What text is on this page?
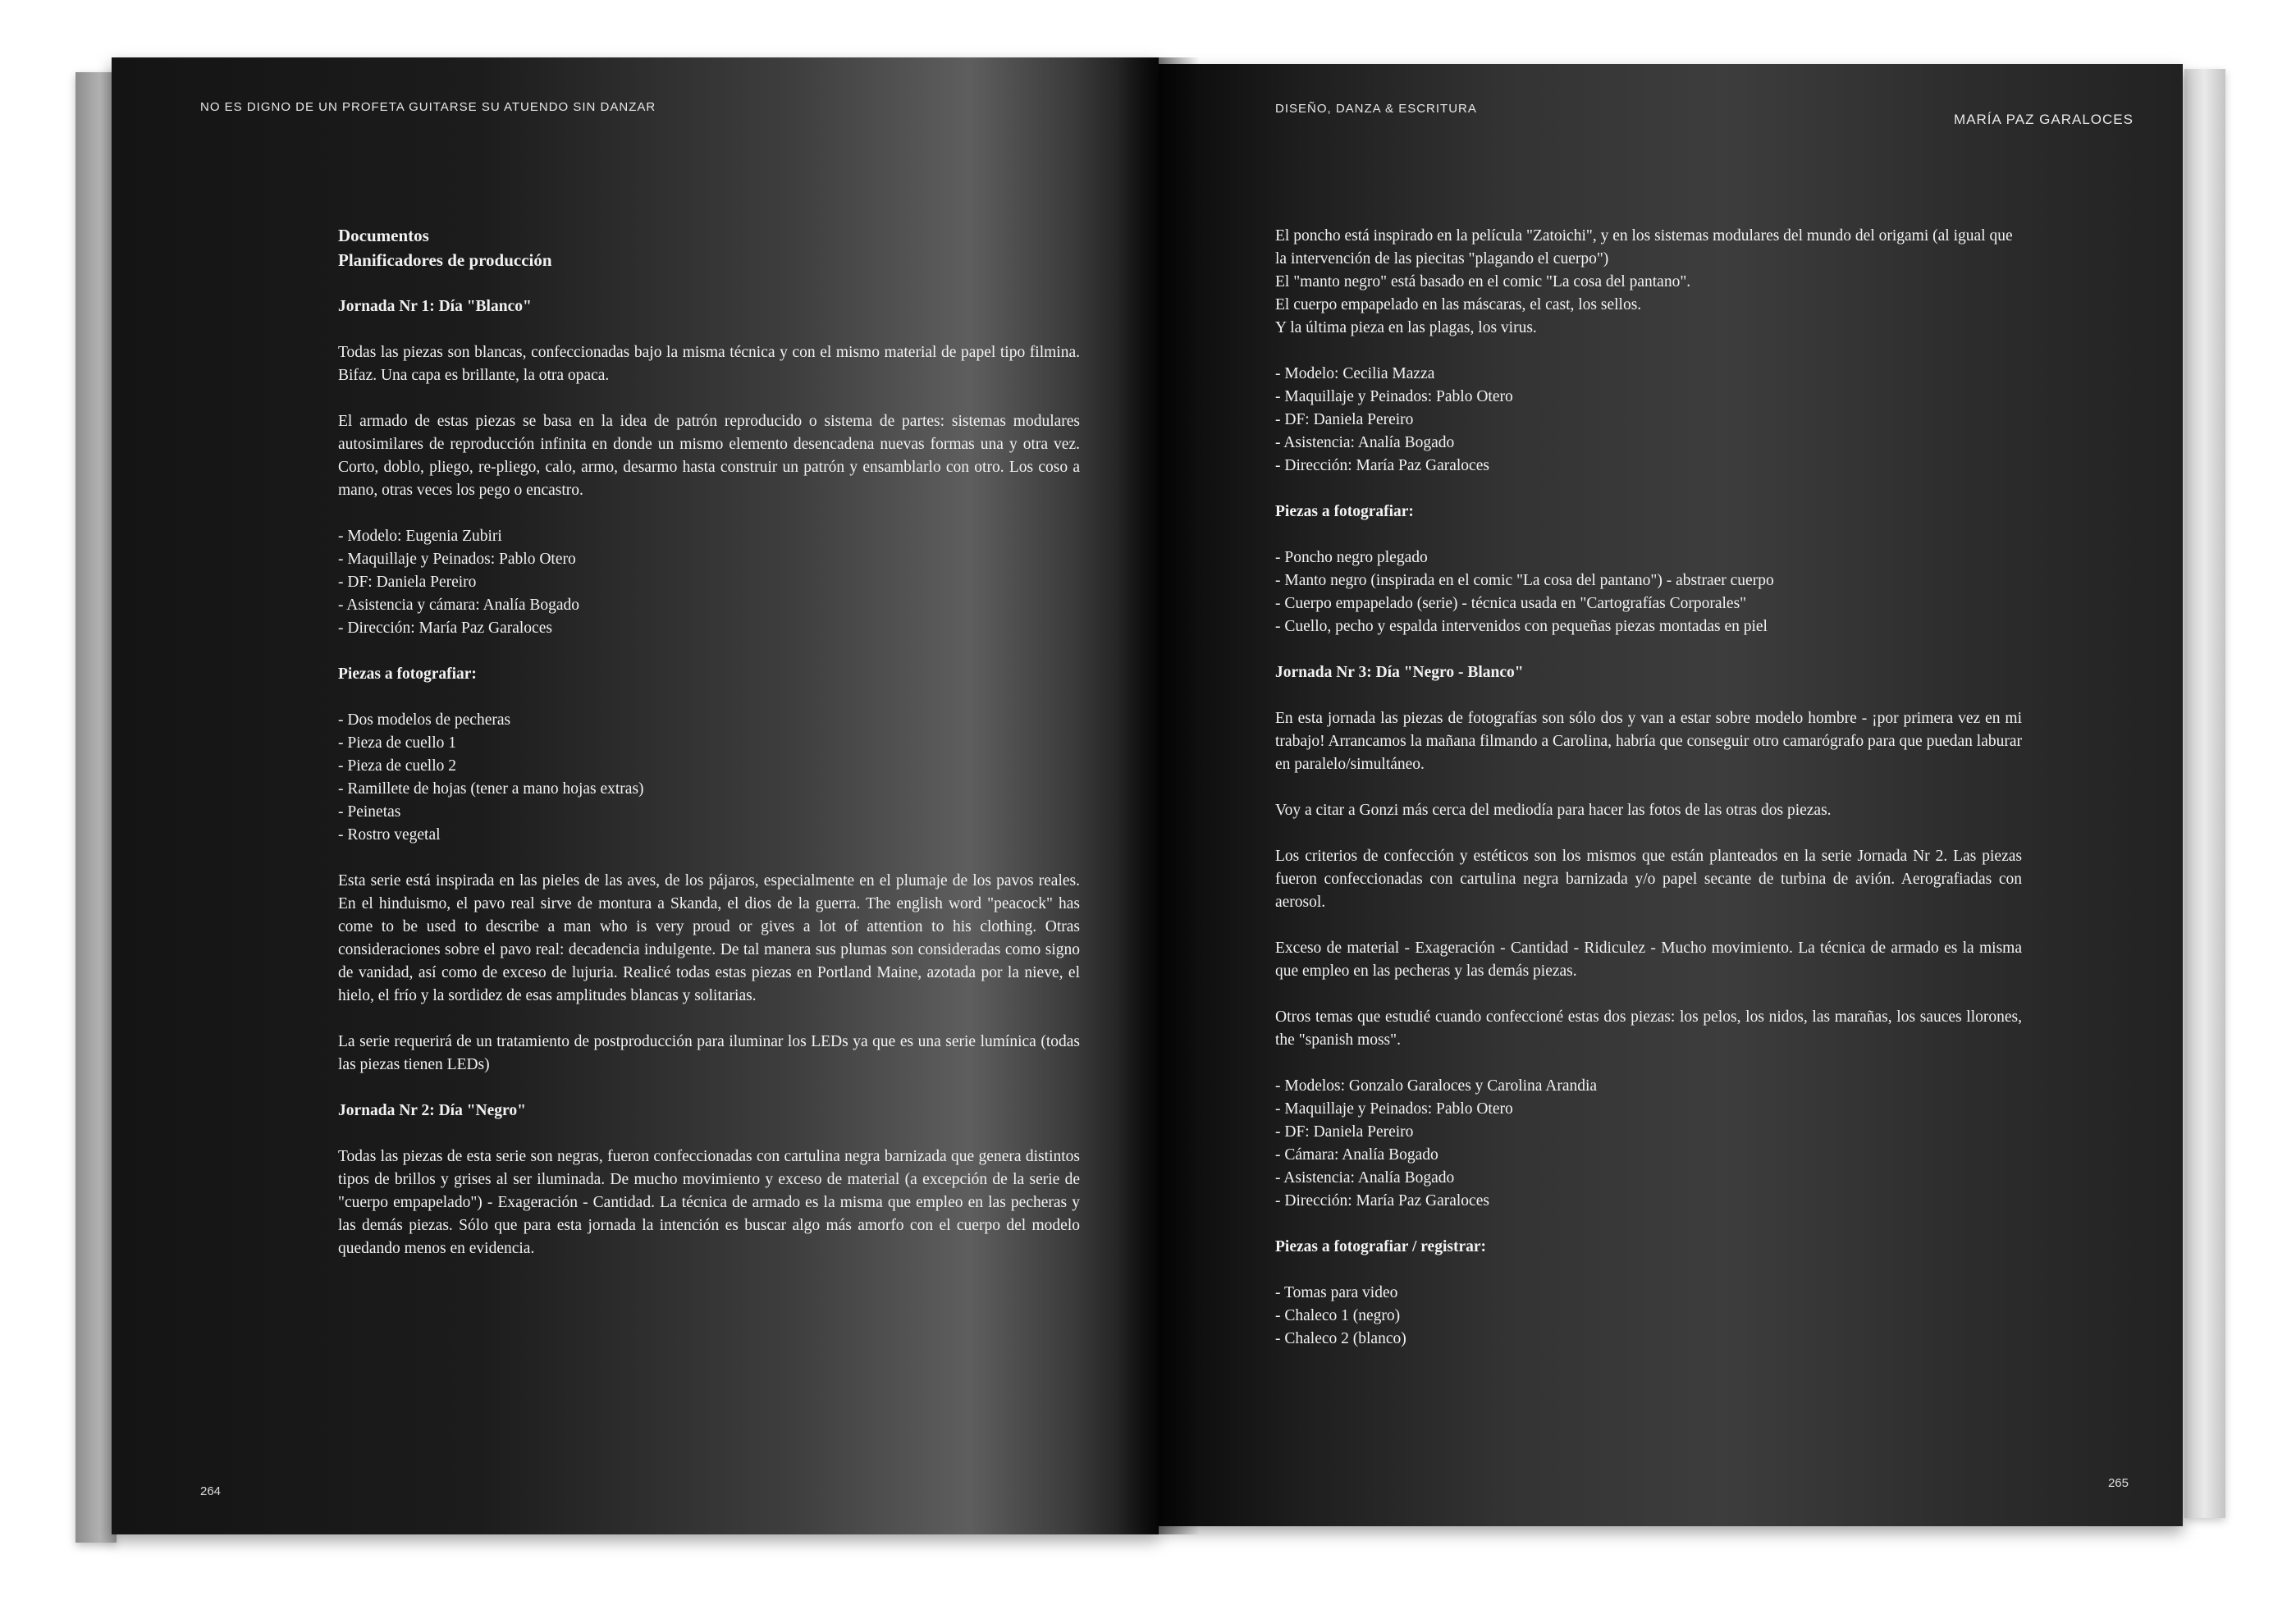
NO ES DIGNO DE UN PROFETA GUITARSE SU ATUENDO SIN DANZAR
Documentos
Planificadores de producción
Jornada Nr 1: Día "Blanco"

Todas las piezas son blancas, confeccionadas bajo la misma técnica y con el mismo material de papel tipo filmina. Bifaz. Una capa es brillante, la otra opaca.

El armado de estas piezas se basa en la idea de patrón reproducido o sistema de partes: sistemas modulares autosimilares de reproducción infinita en donde un mismo elemento desencadena nuevas formas una y otra vez. Corto, doblo, pliego, re-pliego, calo, armo, desarmo hasta construir un patrón y ensamblarlo con otro. Los coso a mano, otras veces los pego o encastro.

- Modelo: Eugenia Zubiri
- Maquillaje y Peinados: Pablo Otero
- DF: Daniela Pereiro
- Asistencia y cámara: Analía Bogado
- Dirección: María Paz Garaloces
Piezas a fotografiar:
- Dos modelos de pecheras
- Pieza de cuello 1
- Pieza de cuello 2
- Ramillete de hojas (tener a mano hojas extras)
- Peinetas
- Rostro vegetal

Esta serie está inspirada en las pieles de las aves, de los pájaros, especialmente en el plumaje de los pavos reales. En el hinduismo, el pavo real sirve de montura a Skanda, el dios de la guerra. The english word "peacock" has come to be used to describe a man who is very proud or gives a lot of attention to his clothing. Otras consideraciones sobre el pavo real: decadencia indulgente. De tal manera sus plumas son consideradas como signo de vanidad, así como de exceso de lujuria. Realicé todas estas piezas en Portland Maine, azotada por la nieve, el hielo, el frío y la sordidez de esas amplitudes blancas y solitarias.

La serie requerirá de un tratamiento de postproducción para iluminar los LEDs ya que es una serie lumínica (todas las piezas tienen LEDs)

Jornada Nr 2: Día "Negro"

Todas las piezas de esta serie son negras, fueron confeccionadas con cartulina negra barnizada que genera distintos tipos de brillos y grises al ser iluminada. De mucho movimiento y exceso de material (a excepción de la serie de "cuerpo empapelado") - Exageración - Cantidad. La técnica de armado es la misma que empleo en las pecheras y las demás piezas. Sólo que para esta jornada la intención es buscar algo más amorfo con el cuerpo del modelo quedando menos en evidencia.

264
DISEÑO, DANZA & ESCRITURA
MARÍA PAZ GARALOCES
El poncho está inspirado en la película "Zatoichi", y en los sistemas modulares del mundo del origami (al igual que la intervención de las piecitas "plagando el cuerpo")
El "manto negro" está basado en el comic "La cosa del pantano".
El cuerpo empapelado en las máscaras, el cast, los sellos.
Y la última pieza en las plagas, los virus.
- Modelo: Cecilia Mazza
- Maquillaje y Peinados: Pablo Otero
- DF: Daniela Pereiro
- Asistencia: Analía Bogado
- Dirección: María Paz Garaloces
Piezas a fotografiar:
- Poncho negro plegado
- Manto negro (inspirada en el comic "La cosa del pantano") - abstraer cuerpo
- Cuerpo empapelado (serie) - técnica usada en "Cartografías Corporales"
- Cuello, pecho y espalda intervenidos con pequeñas piezas montadas en piel
Jornada Nr 3: Día "Negro - Blanco"

En esta jornada las piezas de fotografías son sólo dos y van a estar sobre modelo hombre - ¡por primera vez en mi trabajo! Arrancamos la mañana filmando a Carolina, habría que conseguir otro camarógrafo para que puedan laburar en paralelo/simultáneo.

Voy a citar a Gonzi más cerca del mediodía para hacer las fotos de las otras dos piezas.

Los criterios de confección y estéticos son los mismos que están planteados en la serie Jornada Nr 2. Las piezas fueron confeccionadas con cartulina negra barnizada y/o papel secante de turbina de avión. Aerografiadas con aerosol.

Exceso de material - Exageración - Cantidad - Ridiculez - Mucho movimiento. La técnica de armado es la misma que empleo en las pecheras y las demás piezas.

Otros temas que estudié cuando confeccioné estas dos piezas: los pelos, los nidos, las marañas, los sauces llorones, the "spanish moss".

- Modelos: Gonzalo Garaloces y Carolina Arandia
- Maquillaje y Peinados: Pablo Otero
- DF: Daniela Pereiro
- Cámara: Analía Bogado
- Asistencia: Analía Bogado
- Dirección: María Paz Garaloces
Piezas a fotografiar / registrar:
- Tomas para video
- Chaleco 1 (negro)
- Chaleco 2 (blanco)
265
